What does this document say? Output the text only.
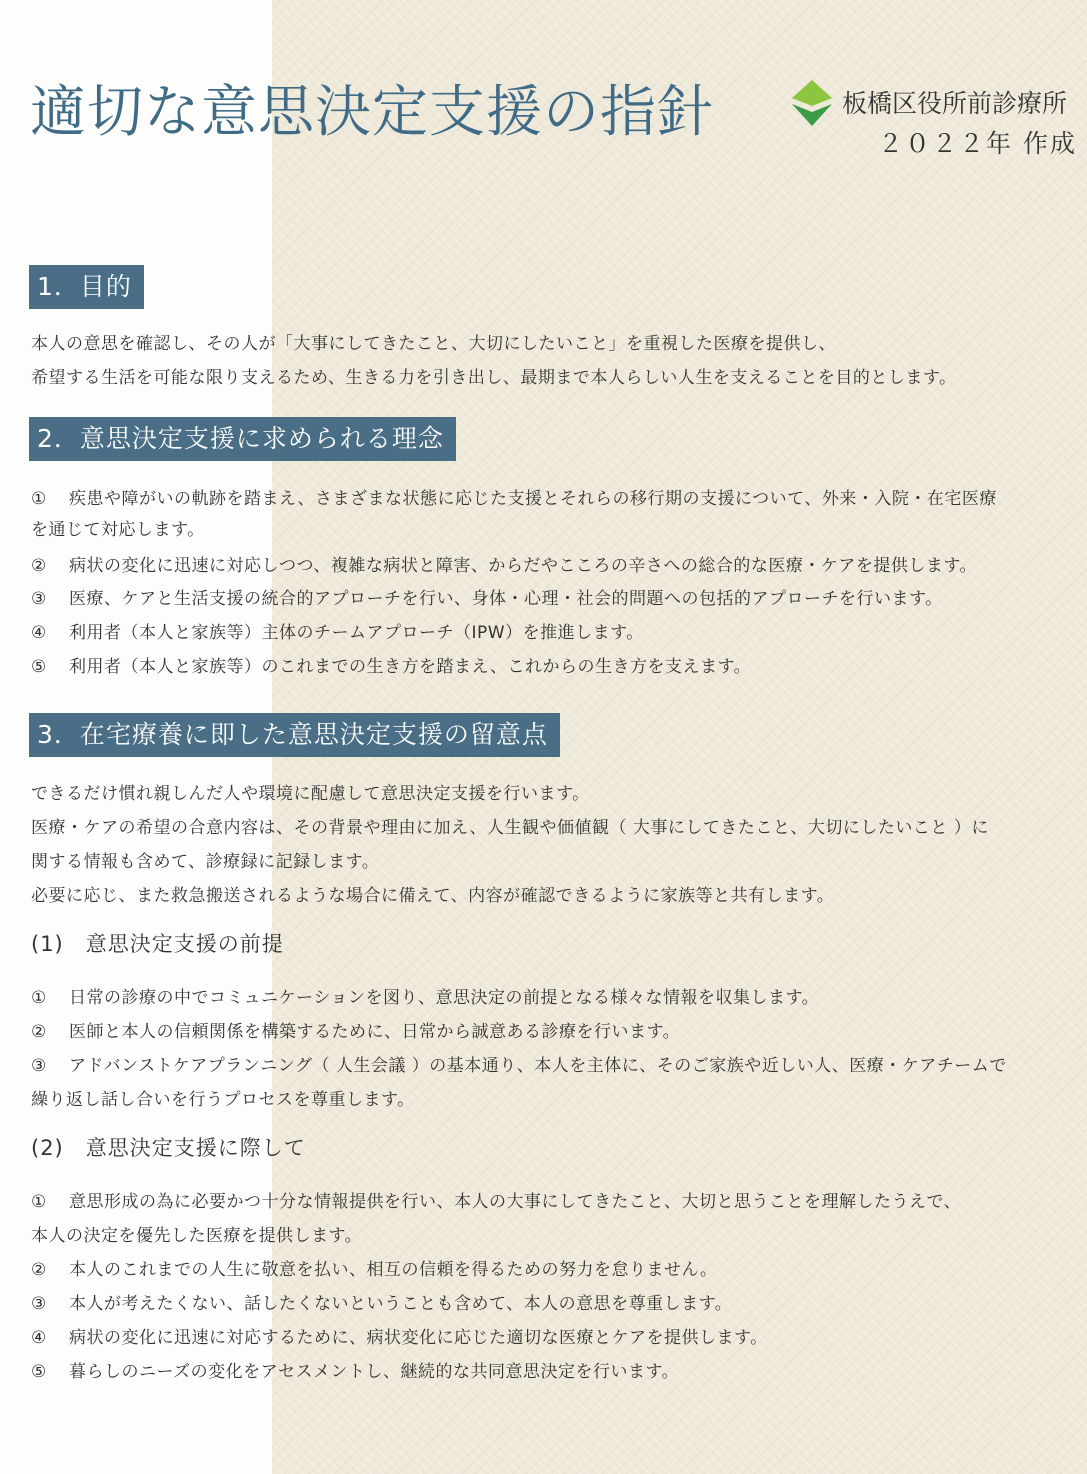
適切な意思決定支援の指針	板橋区役所前診療所
２０２２年 作成
1．目的
本人の意思を確認し、その人が「大事にしてきたこと、大切にしたいこと」を重視した医療を提供し、
希望する生活を可能な限り支えるため、生きる力を引き出し、最期まで本人らしい人生を支えることを目的とします。
2．意思決定支援に求められる理念
① 疾患や障がいの軌跡を踏まえ、さまざまな状態に応じた支援とそれらの移行期の支援について、外来・入院・在宅医療
を通じて対応します。
② 病状の変化に迅速に対応しつつ、複雑な病状と障害、からだやこころの辛さへの総合的な医療・ケアを提供します。
③ 医療、ケアと生活支援の統合的アプローチを行い、身体・心理・社会的問題への包括的アプローチを行います。
④ 利用者（本人と家族等）主体のチームアプローチ（IPW）を推進します。
⑤ 利用者（本人と家族等）のこれまでの生き方を踏まえ、これからの生き方を支えます。
3．在宅療養に即した意思決定支援の留意点
できるだけ慣れ親しんだ人や環境に配慮して意思決定支援を行います。
医療・ケアの希望の合意内容は、その背景や理由に加え、人生観や価値観（ 大事にしてきたこと、大切にしたいこと ）に
関する情報も含めて、診療録に記録します。
必要に応じ、また救急搬送されるような場合に備えて、内容が確認できるように家族等と共有します。
(1)　意思決定支援の前提
① 日常の診療の中でコミュニケーションを図り、意思決定の前提となる様々な情報を収集します。
② 医師と本人の信頼関係を構築するために、日常から誠意ある診療を行います。
③ アドバンストケアプランニング（ 人生会議 ）の基本通り、本人を主体に、そのご家族や近しい人、医療・ケアチームで
繰り返し話し合いを行うプロセスを尊重します。
(2)　意思決定支援に際して
① 意思形成の為に必要かつ十分な情報提供を行い、本人の大事にしてきたこと、大切と思うことを理解したうえで、
本人の決定を優先した医療を提供します。
② 本人のこれまでの人生に敬意を払い、相互の信頼を得るための努力を怠りません。
③ 本人が考えたくない、話したくないということも含めて、本人の意思を尊重します。
④ 病状の変化に迅速に対応するために、病状変化に応じた適切な医療とケアを提供します。
⑤ 暮らしのニーズの変化をアセスメントし、継続的な共同意思決定を行います。
